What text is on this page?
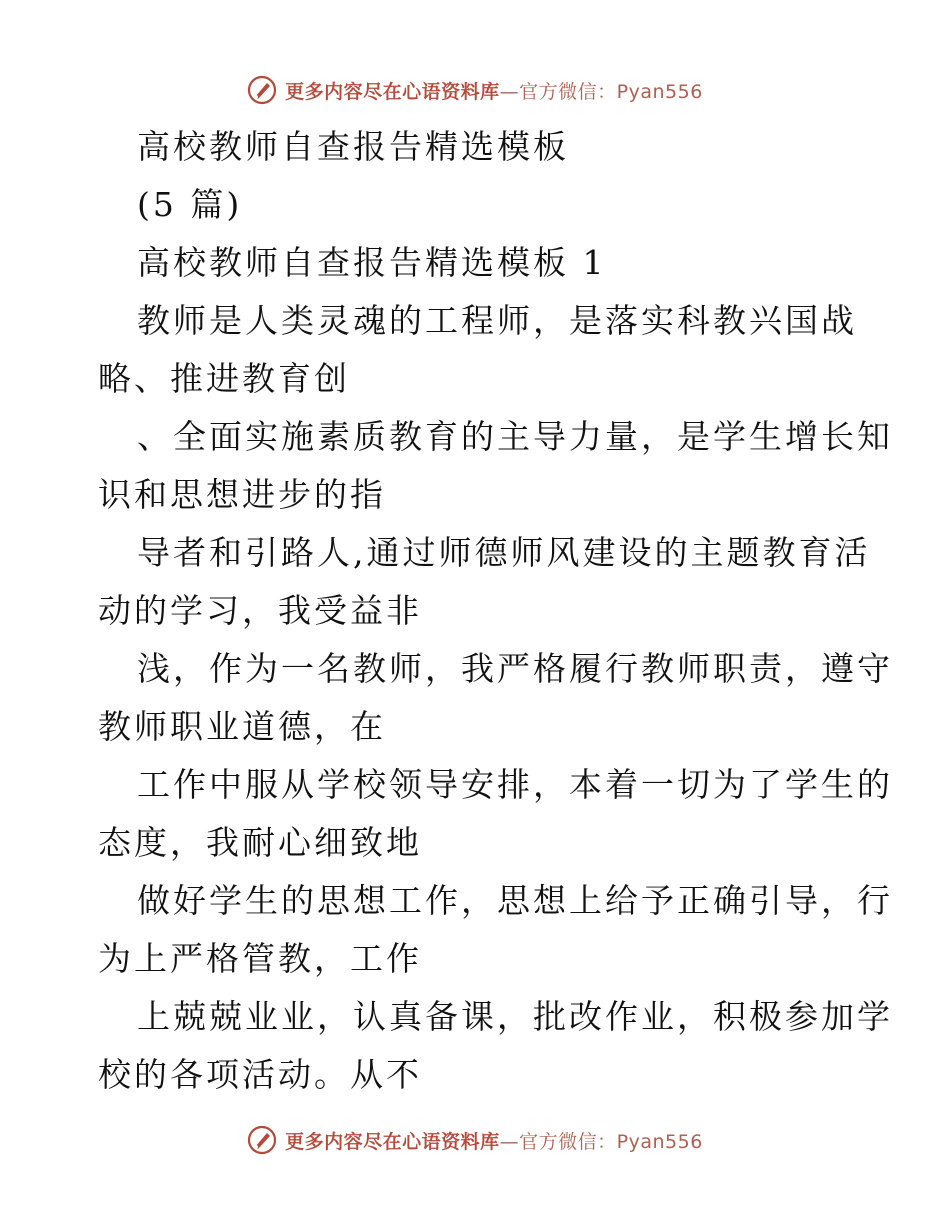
更多内容尽在心语资料库—官方微信：Pyan556
高校教师自查报告精选模板
(5 篇)
高校教师自查报告精选模板 1
教师是人类灵魂的工程师，是落实科教兴国战
略、推进教育创
、全面实施素质教育的主导力量，是学生增长知
识和思想进步的指
导者和引路人,通过师德师风建设的主题教育活
动的学习，我受益非
浅，作为一名教师，我严格履行教师职责，遵守
教师职业道德，在
工作中服从学校领导安排，本着一切为了学生的
态度，我耐心细致地
做好学生的思想工作，思想上给予正确引导，行
为上严格管教，工作
上兢兢业业，认真备课，批改作业，积极参加学
校的各项活动。从不
更多内容尽在心语资料库—官方微信：Pyan556
